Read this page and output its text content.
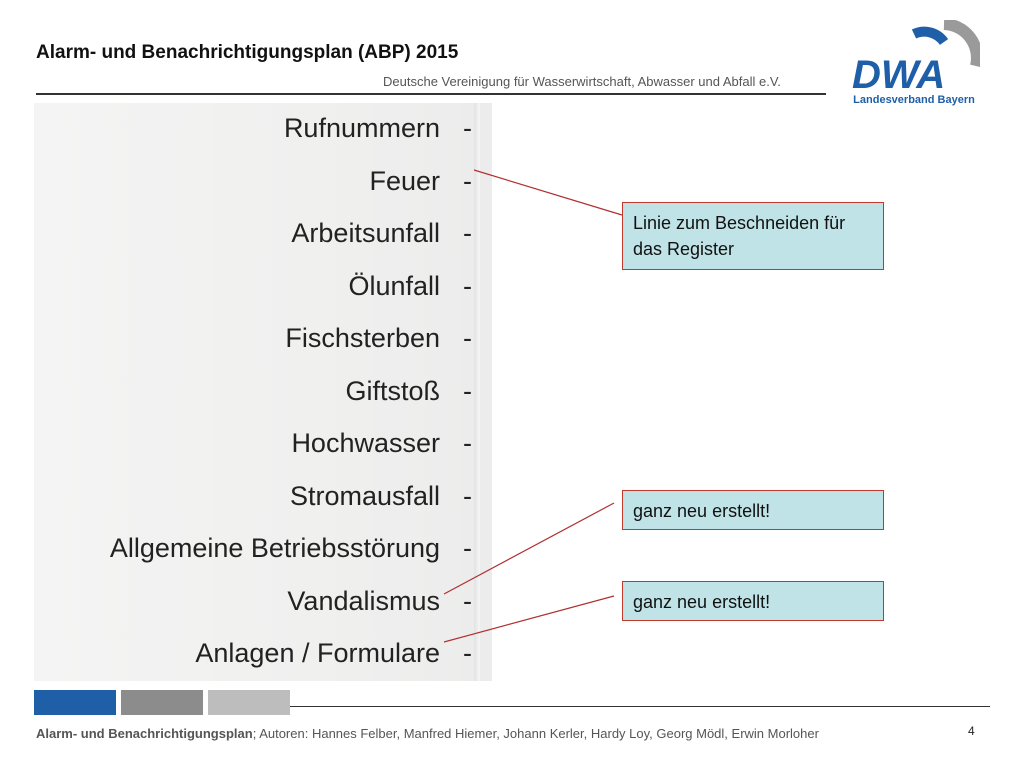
Alarm- und Benachrichtigungsplan (ABP) 2015
Deutsche Vereinigung für Wasserwirtschaft, Abwasser und Abfall e.V. DWA
Landesverband Bayern
Rufnummern -
Feuer -
Arbeitsunfall -
Ölunfall -
Fischsterben -
Giftstoß -
Hochwasser -
Stromausfall -
Allgemeine Betriebsstörung -
Vandalismus -
Anlagen / Formulare -
Linie zum Beschneiden für das Register
ganz neu erstellt!
ganz neu erstellt!
Alarm- und Benachrichtigungsplan; Autoren: Hannes Felber, Manfred Hiemer, Johann Kerler, Hardy Loy, Georg Mödl, Erwin Morloher	4
